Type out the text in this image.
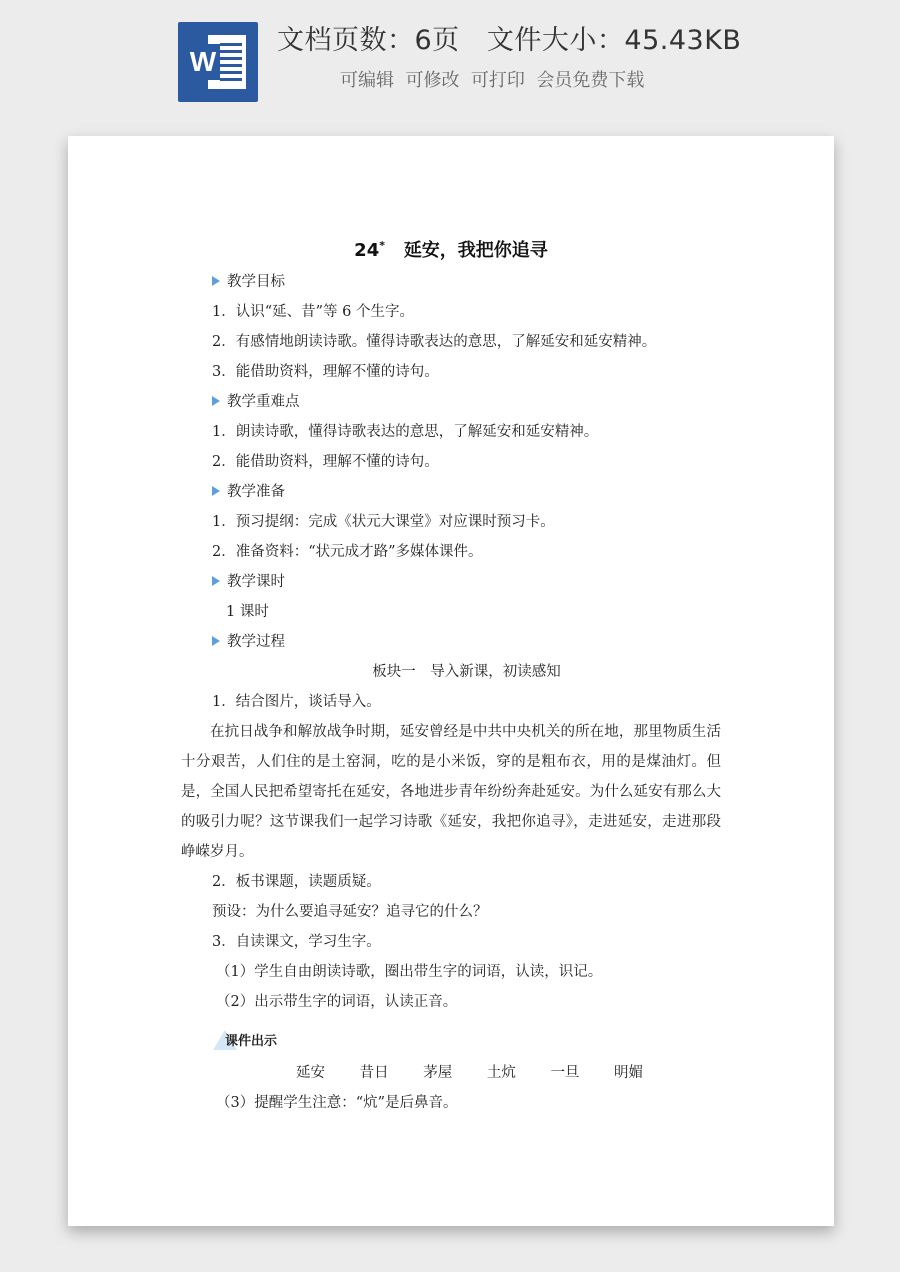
W
文档页数：6页   文件大小：45.43KB
可编辑  可修改  可打印  会员免费下载
24* 延安，我把你追寻
教学目标
1．认识“延、昔”等 6 个生字。
2．有感情地朗读诗歌。懂得诗歌表达的意思，了解延安和延安精神。
3．能借助资料，理解不懂的诗句。
教学重难点
1．朗读诗歌，懂得诗歌表达的意思，了解延安和延安精神。
2．能借助资料，理解不懂的诗句。
教学准备
1．预习提纲：完成《状元大课堂》对应课时预习卡。
2．准备资料：“状元成才路”多媒体课件。
教学课时
1 课时
教学过程
板块一　导入新课，初读感知
1．结合图片，谈话导入。
在抗日战争和解放战争时期，延安曾经是中共中央机关的所在地，那里物质生活十分艰苦，人们住的是土窑洞，吃的是小米饭，穿的是粗布衣，用的是煤油灯。但是，全国人民把希望寄托在延安，各地进步青年纷纷奔赴延安。为什么延安有那么大的吸引力呢？这节课我们一起学习诗歌《延安，我把你追寻》，走进延安，走进那段峥嵘岁月。
2．板书课题，读题质疑。
预设：为什么要追寻延安？追寻它的什么？
3．自读课文，学习生字。
（1）学生自由朗读诗歌，圈出带生字的词语，认读，识记。
（2）出示带生字的词语，认读正音。
课件出示
延安 昔日 茅屋 土炕 一旦 明媚
（3）提醒学生注意：“炕”是后鼻音。
